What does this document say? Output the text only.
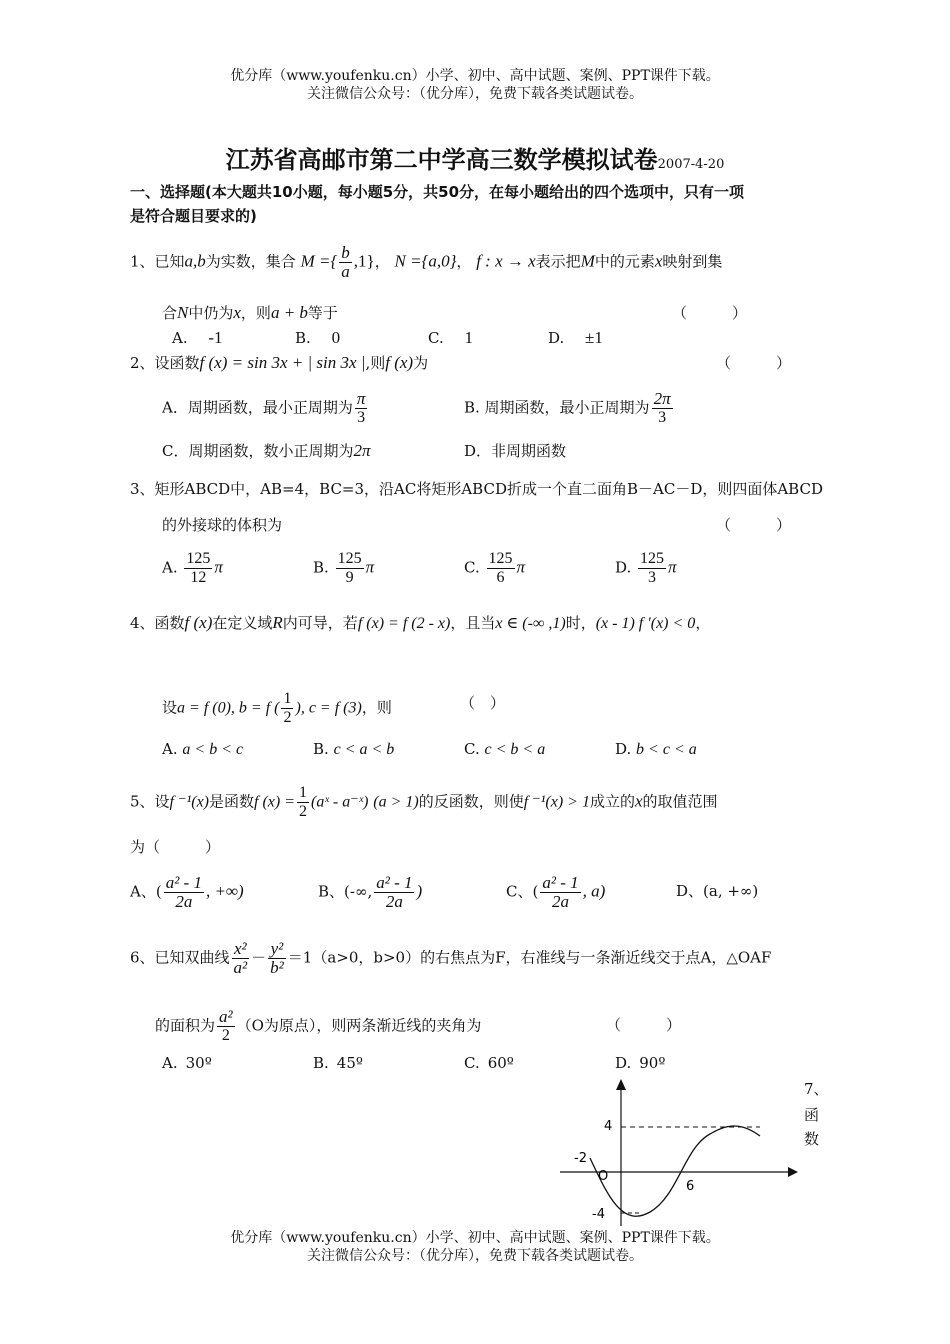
优分库（www.youfenku.cn）小学、初中、高中试题、案例、PPT课件下载。
关注微信公众号：（优分库），免费下载各类试题试卷。
江苏省高邮市第二中学高三数学模拟试卷2007-4-20
一、选择题(本大题共10小题，每小题5分，共50分，在每小题给出的四个选项中，只有一项
是符合题目要求的)
1、已知a,b为实数，集合 M ={ $\frac{b}{a} ,1$}， N ={a,0}， f : x → x表示把M中的元素x映射到集
合N中仍为x，则a + b等于	（　　　）
A. -1	B. 0	C. 1	D. ±1
2、设函数f (x) = sin 3x + | sin 3x |,则f (x)为	（　　　）
A．周期函数，最小正周期为 $\frac{\pi}{3}$	B. 周期函数，最小正周期为 $\frac{2\pi}{3}$
C．周期函数，数小正周期为2π	D．非周期函数
3、矩形ABCD中，AB=4，BC=3，沿AC将矩形ABCD折成一个直二面角B－AC－D，则四面体ABCD
的外接球的体积为	（　　　）
A. $\frac{125}{12}$ π	B. $\frac{125}{9}$ π	C. $\frac{125}{6}$ π	D. $\frac{125}{3}$ π
4、函数f (x)在定义域R内可导，若f (x) = f (2 - x)，且当x ∈ (-∞ ,1)时，(x - 1) f ′(x) < 0，
设a = f (0), b = f ( $\frac{1}{2}$ ), c = f (3)，则	（　）
A. a < b < c	B. c < a < b	C. c < b < a	D. b < c < a
5、设f ⁻¹(x)是函数f $(x) = \frac{1}{2}$ (aˣ - a⁻ˣ) (a > 1)的反函数，则使f ⁻¹(x) > 1成立的x的取值范围
为（　　　）
A、( $\frac{\text{a² - 1}}{2a}$ , +∞)	B、(-∞, $\frac{\text{a² - 1}}{2a}$ )	C、( $\frac{\text{a² - 1}}{2a}$ , a)	D、(a, +∞)
6、已知双曲线 $\frac{\text{x²}}{\text{a²}} - \frac{\text{y²}}{\text{b²}} =1(a>0$，b>0）的右焦点为F，右准线与一条渐近线交于点A，△OAF
的面积为 $\frac{\text{a²}}{2} (O$为原点），则两条渐近线的夹角为	（　　　）
A. 30º	B. 45º	C. 60º	D. 90º
7、
函
数
4
-2
O
6
-4
优分库（www.youfenku.cn）小学、初中、高中试题、案例、PPT课件下载。
关注微信公众号：（优分库），免费下载各类试题试卷。
